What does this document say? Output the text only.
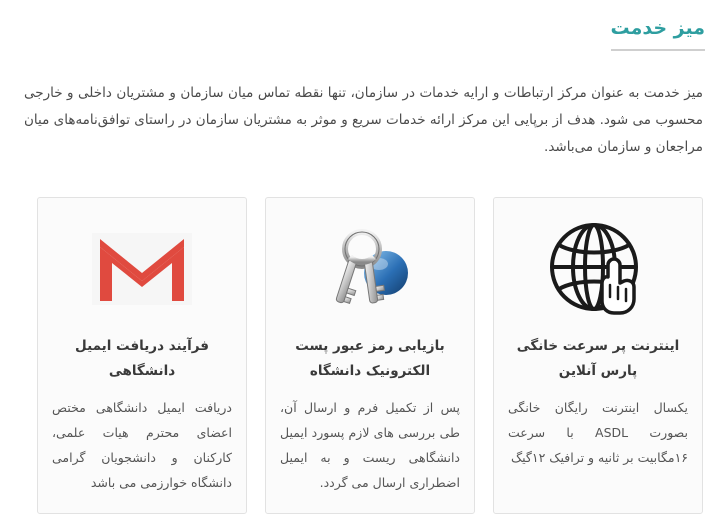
میز خدمت

میز خدمت به عنوان مرکز ارتباطات و ارایه خدمات در سازمان، تنها نقطه تماس میان سازمان و مشتریان داخلی و خارجی محسوب می شود. هدف از برپایی این مرکز ارائه خدمات سریع و موثر به مشتریان سازمان در راستای توافق‌نامه‌های میان مراجعان و سازمان می‌باشد.

اینترنت پر سرعت خانگی پارس آنلاین
یکسال اینترنت رایگان خانگی بصورت ASDL با سرعت ۱۶مگابیت بر ثانیه و ترافیک ۱۲گیگ
بازیابی رمز عبور پست الکترونیک دانشگاه
پس از تکمیل فرم و ارسال آن، طی بررسی های لازم پسورد ایمیل دانشگاهی ریست و به ایمیل اضطراری ارسال می گردد.
فرآیند دریافت ایمیل دانشگاهی
دریافت ایمیل دانشگاهی مختص اعضای محترم هیات علمی، کارکنان و دانشجویان گرامی دانشگاه خوارزمی می باشد
